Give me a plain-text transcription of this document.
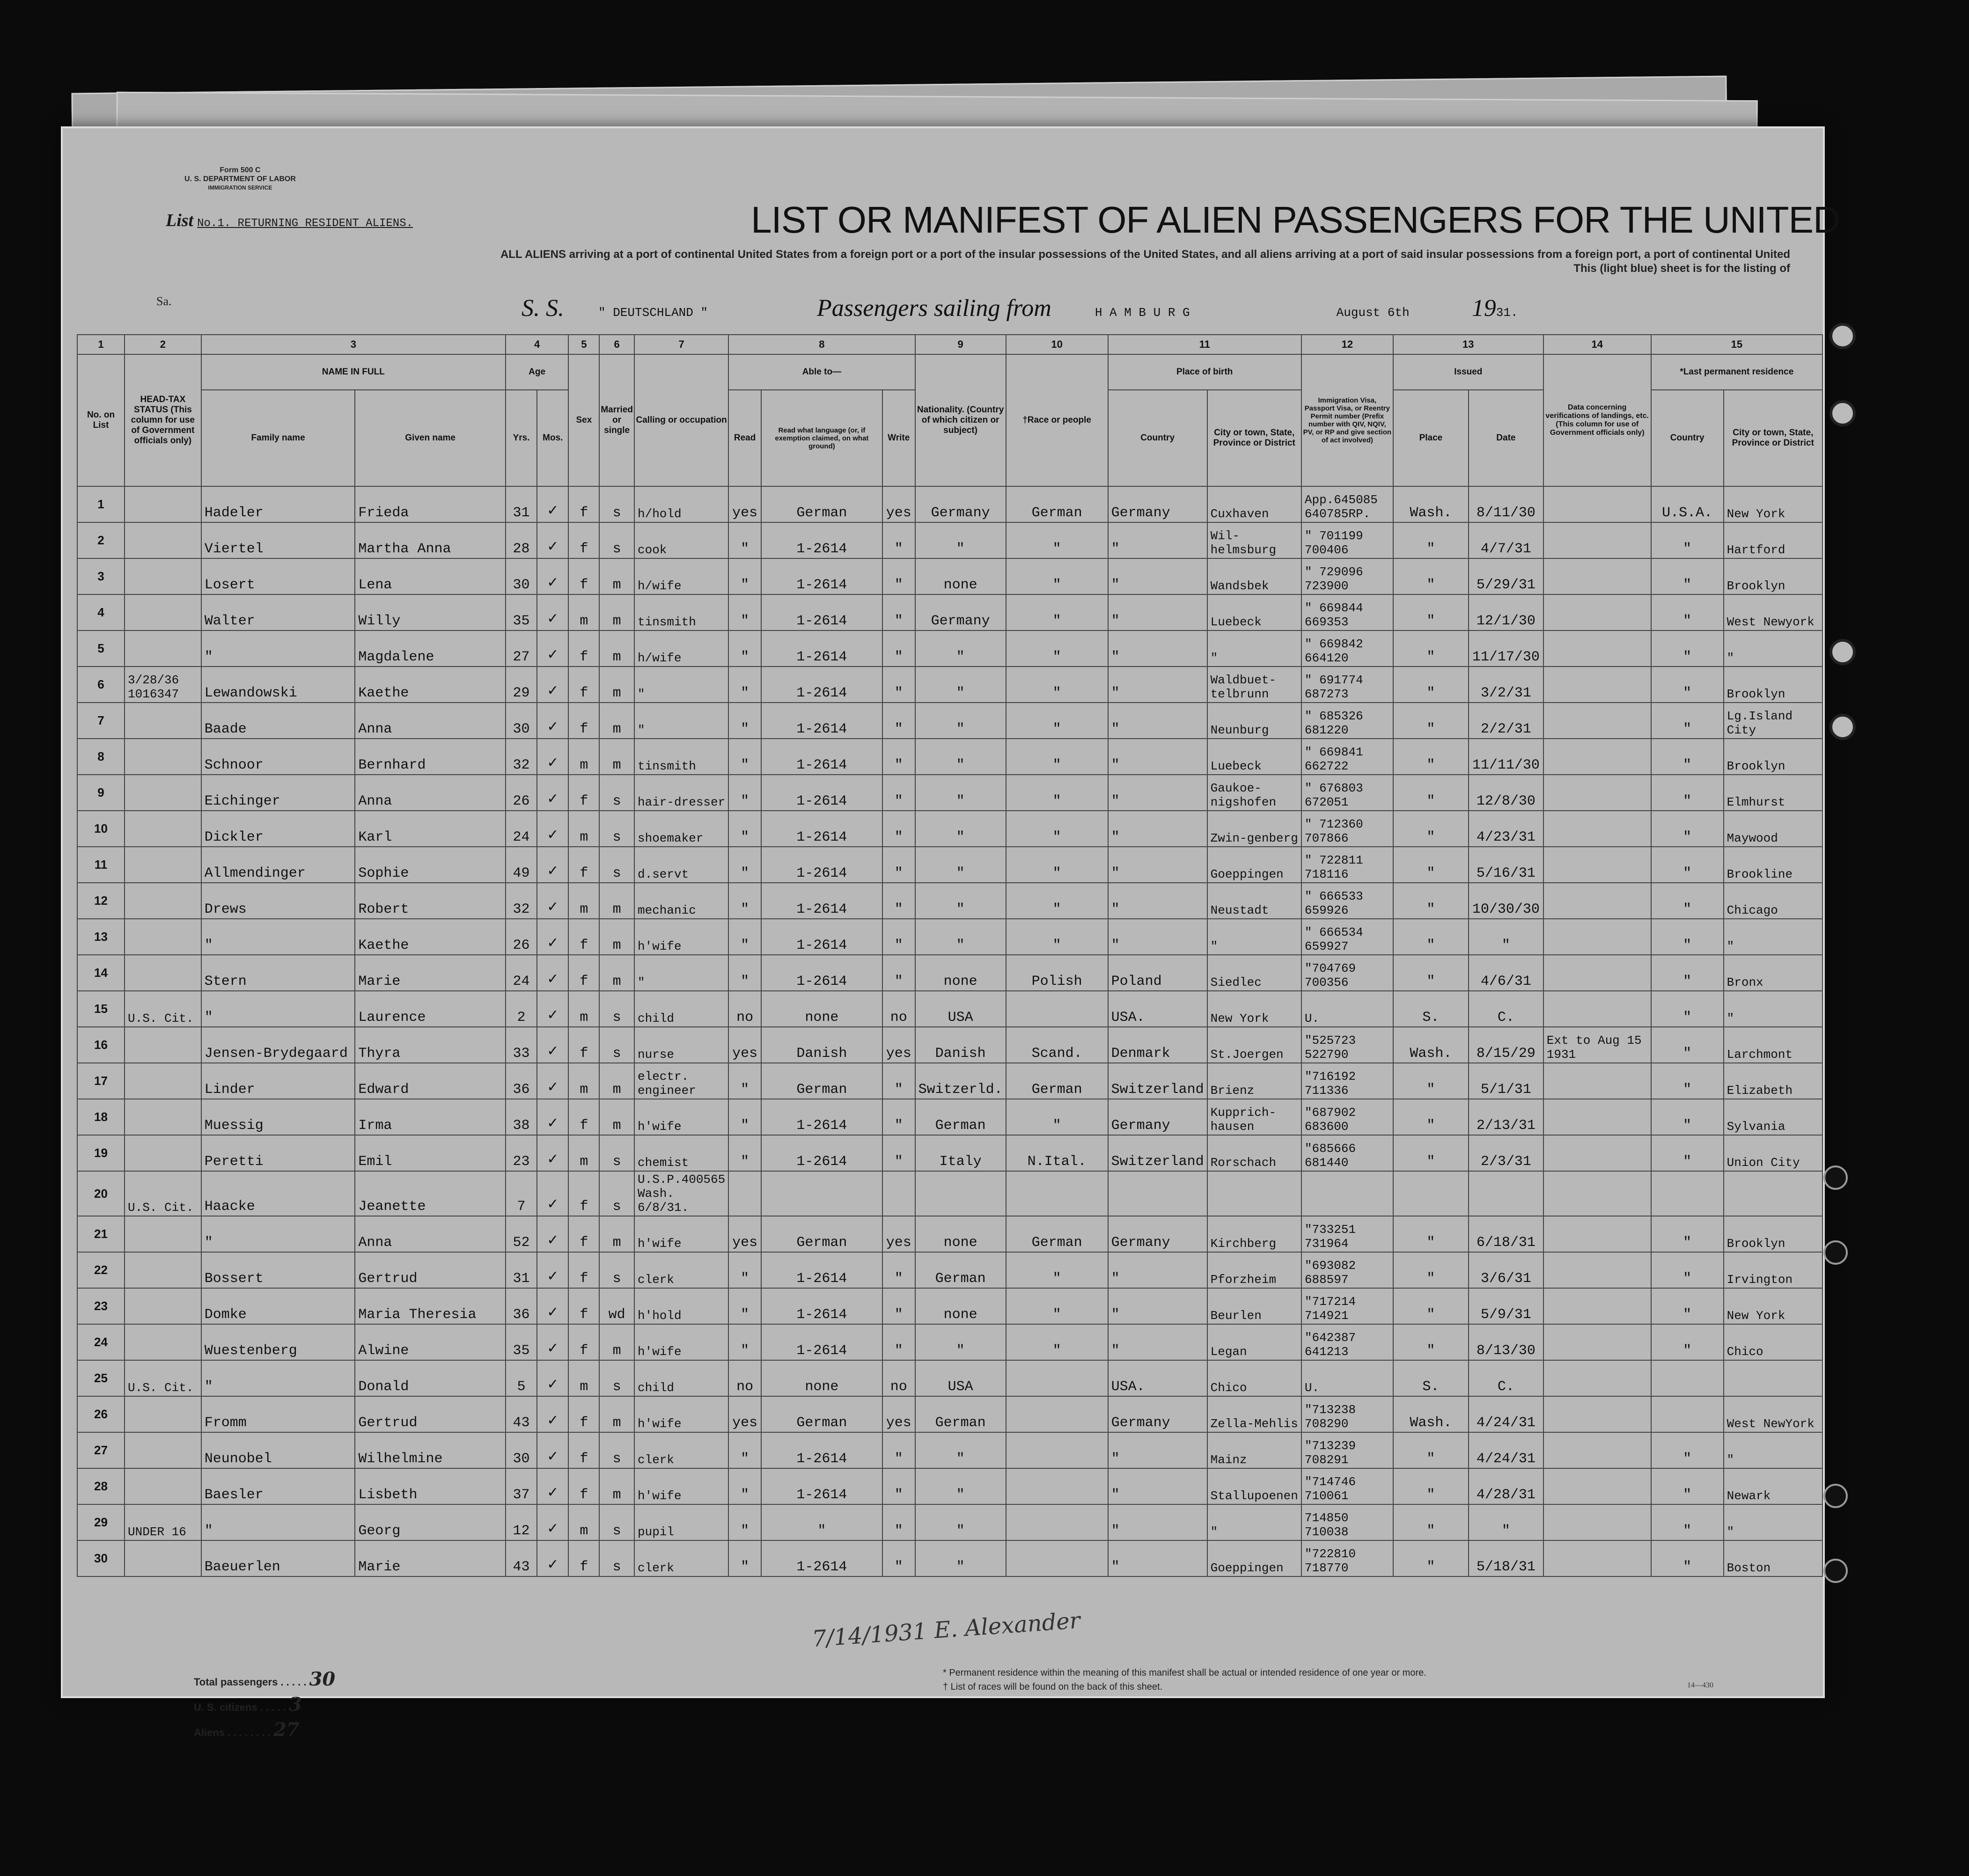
Form 500 C
U. S. DEPARTMENT OF LABOR
IMMIGRATION SERVICE
List No.1. RETURNING RESIDENT ALIENS.	LIST OR MANIFEST OF ALIEN PASSENGERS FOR THE UNITED
ALL ALIENS arriving at a port of continental United States from a foreign port or a port of the insular possessions of the United States, and all aliens arriving at a port of said insular possessions from a foreign port, a port of continental United
This (light blue) sheet is for the listing of
Sa.	S. S.	" DEUTSCHLAND "	Passengers sailing from	H A M B U R G	August 6th	1931.
1	2	3		4		5	6	7	8			9	10	11		12	13		14	15	
No. on List	HEAD-TAX STATUS (This column for use of Government officials only)	NAME IN FULL		Age		Sex	Married or single	Calling or occupation	Able to—			Nationality. (Country of which citizen or subject)	†Race or people	Place of birth		Immigration Visa, Passport Visa, or Reentry Permit number (Prefix number with QIV, NQIV, PV, or RP and give section of act involved)	Issued		Data concerning verifications of landings, etc. (This column for use of Government officials only)	*Last permanent residence	
		Family name	Given name	Yrs.	Mos.				Read	Read what language (or, if exemption claimed, on what ground)	Write			Country	City or town, State, Province or District		Place	Date		Country	City or town, State, Province or District
1		Hadeler	Frieda	31	✓	f	s	h/hold	yes	German	yes	Germany	German	Germany	Cuxhaven	App.645085 640785RP.	Wash.	8/11/30		U.S.A.	New York
2		Viertel	Martha Anna	28	✓	f	s	cook	"	1-2614	"	"	"	"	Wil-helmsburg	" 701199 700406	"	4/7/31		"	Hartford
3		Losert	Lena	30	✓	f	m	h/wife	"	1-2614	"	none	"	"	Wandsbek	" 729096 723900	"	5/29/31		"	Brooklyn
4		Walter	Willy	35	✓	m	m	tinsmith	"	1-2614	"	Germany	"	"	Luebeck	" 669844 669353	"	12/1/30		"	West Newyork
5		"	Magdalene	27	✓	f	m	h/wife	"	1-2614	"	"	"	"	"	" 669842 664120	"	11/17/30		"	"
6	3/28/36 1016347	Lewandowski	Kaethe	29	✓	f	m	"	"	1-2614	"	"	"	"	Waldbuet-telbrunn	" 691774 687273	"	3/2/31		"	Brooklyn
7		Baade	Anna	30	✓	f	m	"	"	1-2614	"	"	"	"	Neunburg	" 685326 681220	"	2/2/31		"	Lg.Island City
8		Schnoor	Bernhard	32	✓	m	m	tinsmith	"	1-2614	"	"	"	"	Luebeck	" 669841 662722	"	11/11/30		"	Brooklyn
9		Eichinger	Anna	26	✓	f	s	hair-dresser	"	1-2614	"	"	"	"	Gaukoe-nigshofen	" 676803 672051	"	12/8/30		"	Elmhurst
10		Dickler	Karl	24	✓	m	s	shoemaker	"	1-2614	"	"	"	"	Zwin-genberg	" 712360 707866	"	4/23/31		"	Maywood
11		Allmendinger	Sophie	49	✓	f	s	d.servt	"	1-2614	"	"	"	"	Goeppingen	" 722811 718116	"	5/16/31		"	Brookline
12		Drews	Robert	32	✓	m	m	mechanic	"	1-2614	"	"	"	"	Neustadt	" 666533 659926	"	10/30/30		"	Chicago
13		"	Kaethe	26	✓	f	m	h'wife	"	1-2614	"	"	"	"	"	" 666534 659927	"	"		"	"
14		Stern	Marie	24	✓	f	m	"	"	1-2614	"	none	Polish	Poland	Siedlec	"704769 700356	"	4/6/31		"	Bronx
15	U.S. Cit.	"	Laurence	2	✓	m	s	child	no	none	no	USA		USA.	New York	U.	S.	C.		"	"
16		Jensen-Brydegaard	Thyra	33	✓	f	s	nurse	yes	Danish	yes	Danish	Scand.	Denmark	St.Joergen	"525723 522790	Wash.	8/15/29	Ext to Aug 15 1931	"	Larchmont
17		Linder	Edward	36	✓	m	m	electr. engineer	"	German	"	Switzerld.	German	Switzerland	Brienz	"716192 711336	"	5/1/31		"	Elizabeth
18		Muessig	Irma	38	✓	f	m	h'wife	"	1-2614	"	German	"	Germany	Kupprich-hausen	"687902 683600	"	2/13/31		"	Sylvania
19		Peretti	Emil	23	✓	m	s	chemist	"	1-2614	"	Italy	N.Ital.	Switzerland	Rorschach	"685666 681440	"	2/3/31		"	Union City
20	U.S. Cit.	Haacke	Jeanette	7	✓	f	s	U.S.P.400565 Wash. 6/8/31.													
21		"	Anna	52	✓	f	m	h'wife	yes	German	yes	none	German	Germany	Kirchberg	"733251 731964	"	6/18/31		"	Brooklyn
22		Bossert	Gertrud	31	✓	f	s	clerk	"	1-2614	"	German	"	"	Pforzheim	"693082 688597	"	3/6/31		"	Irvington
23		Domke	Maria Theresia	36	✓	f	wd	h'hold	"	1-2614	"	none	"	"	Beurlen	"717214 714921	"	5/9/31		"	New York
24		Wuestenberg	Alwine	35	✓	f	m	h'wife	"	1-2614	"	"	"	"	Legan	"642387 641213	"	8/13/30		"	Chico
25	U.S. Cit.	"	Donald	5	✓	m	s	child	no	none	no	USA		USA.	Chico	U.	S.	C.			
26		Fromm	Gertrud	43	✓	f	m	h'wife	yes	German	yes	German		Germany	Zella-Mehlis	"713238 708290	Wash.	4/24/31			West NewYork
27		Neunobel	Wilhelmine	30	✓	f	s	clerk	"	1-2614	"	"		"	Mainz	"713239 708291	"	4/24/31		"	"
28		Baesler	Lisbeth	37	✓	f	m	h'wife	"	1-2614	"	"		"	Stallupoenen	"714746 710061	"	4/28/31		"	Newark
29	UNDER 16	"	Georg	12	✓	m	s	pupil	"	"	"	"		"	"	714850 710038	"	"		"	"
30		Baeuerlen	Marie	43	✓	f	s	clerk	"	1-2614	"	"		"	Goeppingen	"722810 718770	"	5/18/31		"	Boston
7/14/1931 E. Alexander
Total passengers . . . . . 30
U. S. citizens . . . . . 3
Aliens . . . . . . . . 27
* Permanent residence within the meaning of this manifest shall be actual or intended residence of one year or more.
† List of races will be found on the back of this sheet.	14—430
